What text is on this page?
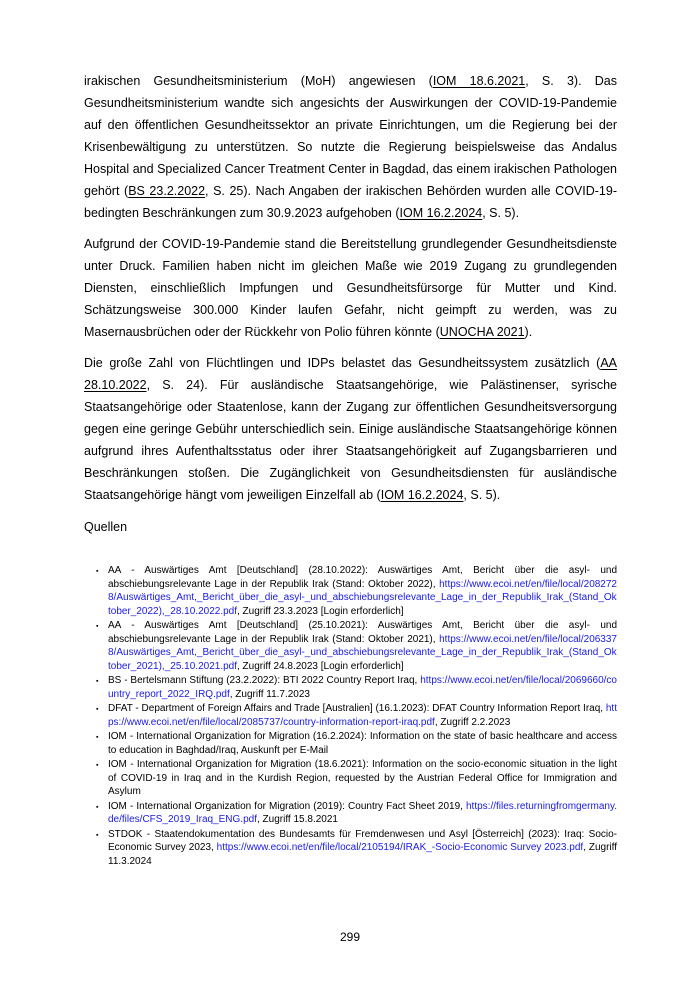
irakischen Gesundheitsministerium (MoH) angewiesen (IOM 18.6.2021, S. 3). Das Gesundheitsministerium wandte sich angesichts der Auswirkungen der COVID-19-Pandemie auf den öffentlichen Gesundheitssektor an private Einrichtungen, um die Regierung bei der Krisenbewältigung zu unterstützen. So nutzte die Regierung beispielsweise das Andalus Hospital and Specialized Cancer Treatment Center in Bagdad, das einem irakischen Pathologen gehört (BS 23.2.2022, S. 25). Nach Angaben der irakischen Behörden wurden alle COVID-19-bedingten Beschränkungen zum 30.9.2023 aufgehoben (IOM 16.2.2024, S. 5).

Aufgrund der COVID-19-Pandemie stand die Bereitstellung grundlegender Gesundheitsdienste unter Druck. Familien haben nicht im gleichen Maße wie 2019 Zugang zu grundlegenden Diensten, einschließlich Impfungen und Gesundheitsfürsorge für Mutter und Kind. Schätzungsweise 300.000 Kinder laufen Gefahr, nicht geimpft zu werden, was zu Masernausbrüchen oder der Rückkehr von Polio führen könnte (UNOCHA 2021).

Die große Zahl von Flüchtlingen und IDPs belastet das Gesundheitssystem zusätzlich (AA 28.10.2022, S. 24). Für ausländische Staatsangehörige, wie Palästinenser, syrische Staatsangehörige oder Staatenlose, kann der Zugang zur öffentlichen Gesundheitsversorgung gegen eine geringe Gebühr unterschiedlich sein. Einige ausländische Staatsangehörige können aufgrund ihres Aufenthaltsstatus oder ihrer Staatsangehörigkeit auf Zugangsbarrieren und Beschränkungen stoßen. Die Zugänglichkeit von Gesundheitsdiensten für ausländische Staatsangehörige hängt vom jeweiligen Einzelfall ab (IOM 16.2.2024, S. 5).

Quellen
▪ AA - Auswärtiges Amt [Deutschland] (28.10.2022): Auswärtiges Amt, Bericht über die asyl- und abschiebungsrelevante Lage in der Republik Irak (Stand: Oktober 2022), https://www.ecoi.net/en/file/local/2082728/Auswärtiges_Amt,_Bericht_über_die_asyl-_und_abschiebungsrelevante_Lage_in_der_Republik_Irak_(Stand_Oktober_2022),_28.10.2022.pdf, Zugriff 23.3.2023 [Login erforderlich]
▪ AA - Auswärtiges Amt [Deutschland] (25.10.2021): Auswärtiges Amt, Bericht über die asyl- und abschiebungsrelevante Lage in der Republik Irak (Stand: Oktober 2021), https://www.ecoi.net/en/file/local/2063378/Auswärtiges_Amt,_Bericht_über_die_asyl-_und_abschiebungsrelevante_Lage_in_der_Republik_Irak_(Stand_Oktober_2021),_25.10.2021.pdf, Zugriff 24.8.2023 [Login erforderlich]
▪ BS - Bertelsmann Stiftung (23.2.2022): BTI 2022 Country Report Iraq, https://www.ecoi.net/en/file/local/2069660/country_report_2022_IRQ.pdf, Zugriff 11.7.2023
▪ DFAT - Department of Foreign Affairs and Trade [Australien] (16.1.2023): DFAT Country Information Report Iraq, https://www.ecoi.net/en/file/local/2085737/country-information-report-iraq.pdf, Zugriff 2.2.2023
▪ IOM - International Organization for Migration (16.2.2024): Information on the state of basic healthcare and access to education in Baghdad/Iraq, Auskunft per E-Mail
▪ IOM - International Organization for Migration (18.6.2021): Information on the socio-economic situation in the light of COVID-19 in Iraq and in the Kurdish Region, requested by the Austrian Federal Office for Immigration and Asylum
▪ IOM - International Organization for Migration (2019): Country Fact Sheet 2019, https://files.returningfromgermany.de/files/CFS_2019_Iraq_ENG.pdf, Zugriff 15.8.2021
▪ STDOK - Staatendokumentation des Bundesamts für Fremdenwesen und Asyl [Österreich] (2023): Iraq: Socio-Economic Survey 2023, https://www.ecoi.net/en/file/local/2105194/IRAK_-Socio-Economic Survey 2023.pdf, Zugriff 11.3.2024
299
